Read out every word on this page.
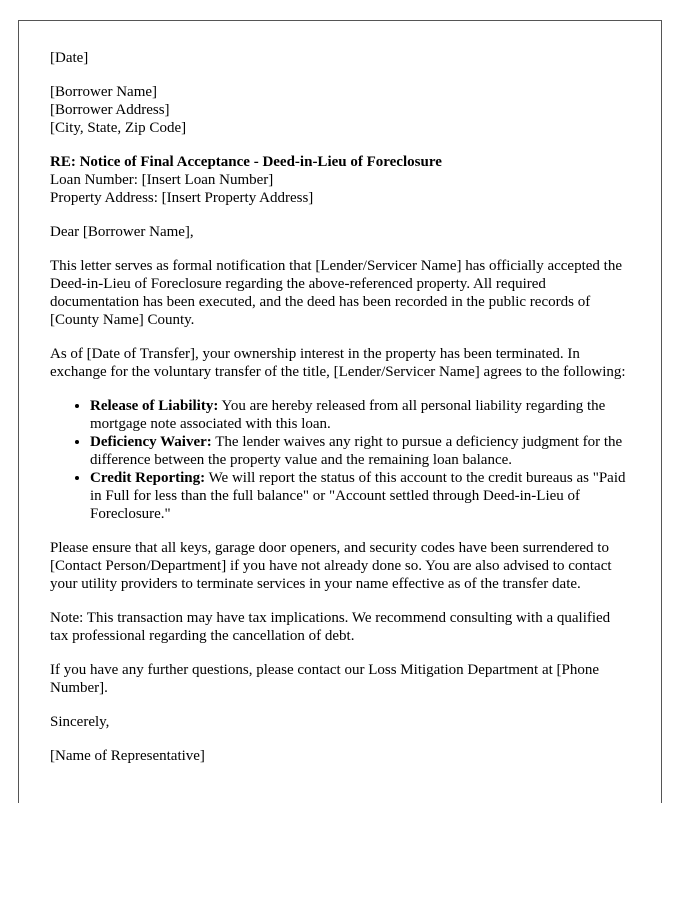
[Date]

[Borrower Name]
[Borrower Address]
[City, State, Zip Code]
RE: Notice of Final Acceptance - Deed-in-Lieu of Foreclosure
Loan Number: [Insert Loan Number]
Property Address: [Insert Property Address]

Dear [Borrower Name],

This letter serves as formal notification that [Lender/Servicer Name] has officially accepted the Deed-in-Lieu of Foreclosure regarding the above-referenced property. All required documentation has been executed, and the deed has been recorded in the public records of [County Name] County.

As of [Date of Transfer], your ownership interest in the property has been terminated. In exchange for the voluntary transfer of the title, [Lender/Servicer Name] agrees to the following:

• Release of Liability: You are hereby released from all personal liability regarding the mortgage note associated with this loan.
• Deficiency Waiver: The lender waives any right to pursue a deficiency judgment for the difference between the property value and the remaining loan balance.
• Credit Reporting: We will report the status of this account to the credit bureaus as "Paid in Full for less than the full balance" or "Account settled through Deed-in-Lieu of Foreclosure."

Please ensure that all keys, garage door openers, and security codes have been surrendered to [Contact Person/Department] if you have not already done so. You are also advised to contact your utility providers to terminate services in your name effective as of the transfer date.

Note: This transaction may have tax implications. We recommend consulting with a qualified tax professional regarding the cancellation of debt.

If you have any further questions, please contact our Loss Mitigation Department at [Phone Number].

Sincerely,

[Name of Representative]
